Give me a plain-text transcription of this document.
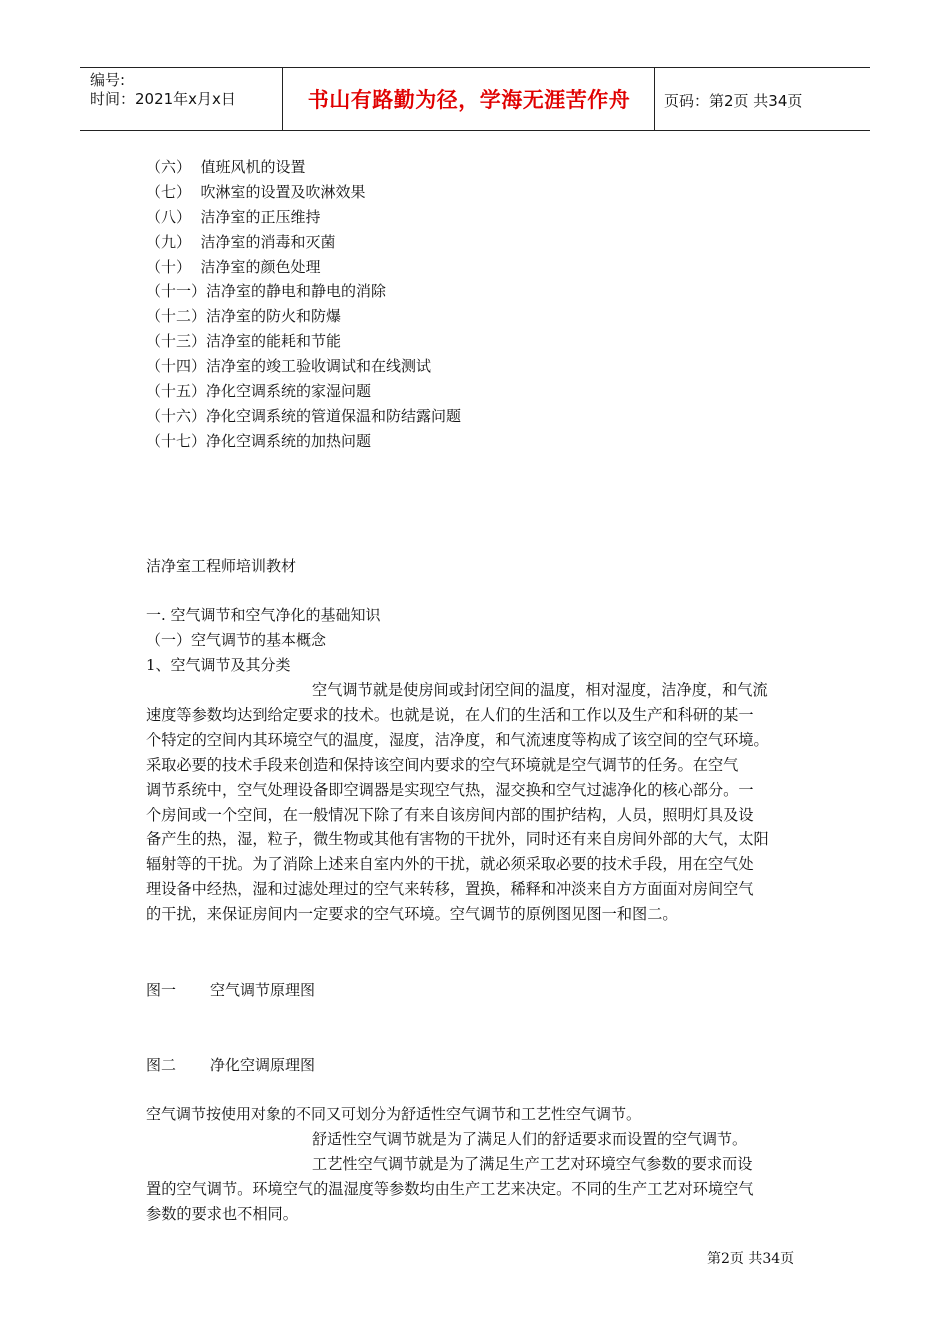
编号:
时间：2021年x月x日	书山有路勤为径，学海无涯苦作舟	页码：第2页 共34页
（六）  值班风机的设置
（七）  吹淋室的设置及吹淋效果
（八）  洁净室的正压维持
（九）  洁净室的消毒和灭菌
（十）  洁净室的颜色处理
（十一）洁净室的静电和静电的消除
（十二）洁净室的防火和防爆
（十三）洁净室的能耗和节能
（十四）洁净室的竣工验收调试和在线测试
（十五）净化空调系统的家湿问题
（十六）净化空调系统的管道保温和防结露问题
（十七）净化空调系统的加热问题
洁净室工程师培训教材
一. 空气调节和空气净化的基础知识
（一）空气调节的基本概念
1、空气调节及其分类
空气调节就是使房间或封闭空间的温度，相对湿度，洁净度，和气流
速度等参数均达到给定要求的技术。也就是说，在人们的生活和工作以及生产和科研的某一
个特定的空间内其环境空气的温度，湿度，洁净度，和气流速度等构成了该空间的空气环境。
采取必要的技术手段来创造和保持该空间内要求的空气环境就是空气调节的任务。在空气
调节系统中，空气处理设备即空调器是实现空气热，湿交换和空气过滤净化的核心部分。一
个房间或一个空间，在一般情况下除了有来自该房间内部的围护结构，人员，照明灯具及设
备产生的热，湿，粒子，微生物或其他有害物的干扰外，同时还有来自房间外部的大气，太阳
辐射等的干扰。为了消除上述来自室内外的干扰，就必须采取必要的技术手段，用在空气处
理设备中经热，湿和过滤处理过的空气来转移，置换，稀释和冲淡来自方方面面对房间空气
的干扰，来保证房间内一定要求的空气环境。空气调节的原例图见图一和图二。
图一 空气调节原理图
图二 净化空调原理图
空气调节按使用对象的不同又可划分为舒适性空气调节和工艺性空气调节。
舒适性空气调节就是为了满足人们的舒适要求而设置的空气调节。
工艺性空气调节就是为了满足生产工艺对环境空气参数的要求而设
置的空气调节。环境空气的温湿度等参数均由生产工艺来决定。不同的生产工艺对环境空气
参数的要求也不相同。
第2页 共34页
